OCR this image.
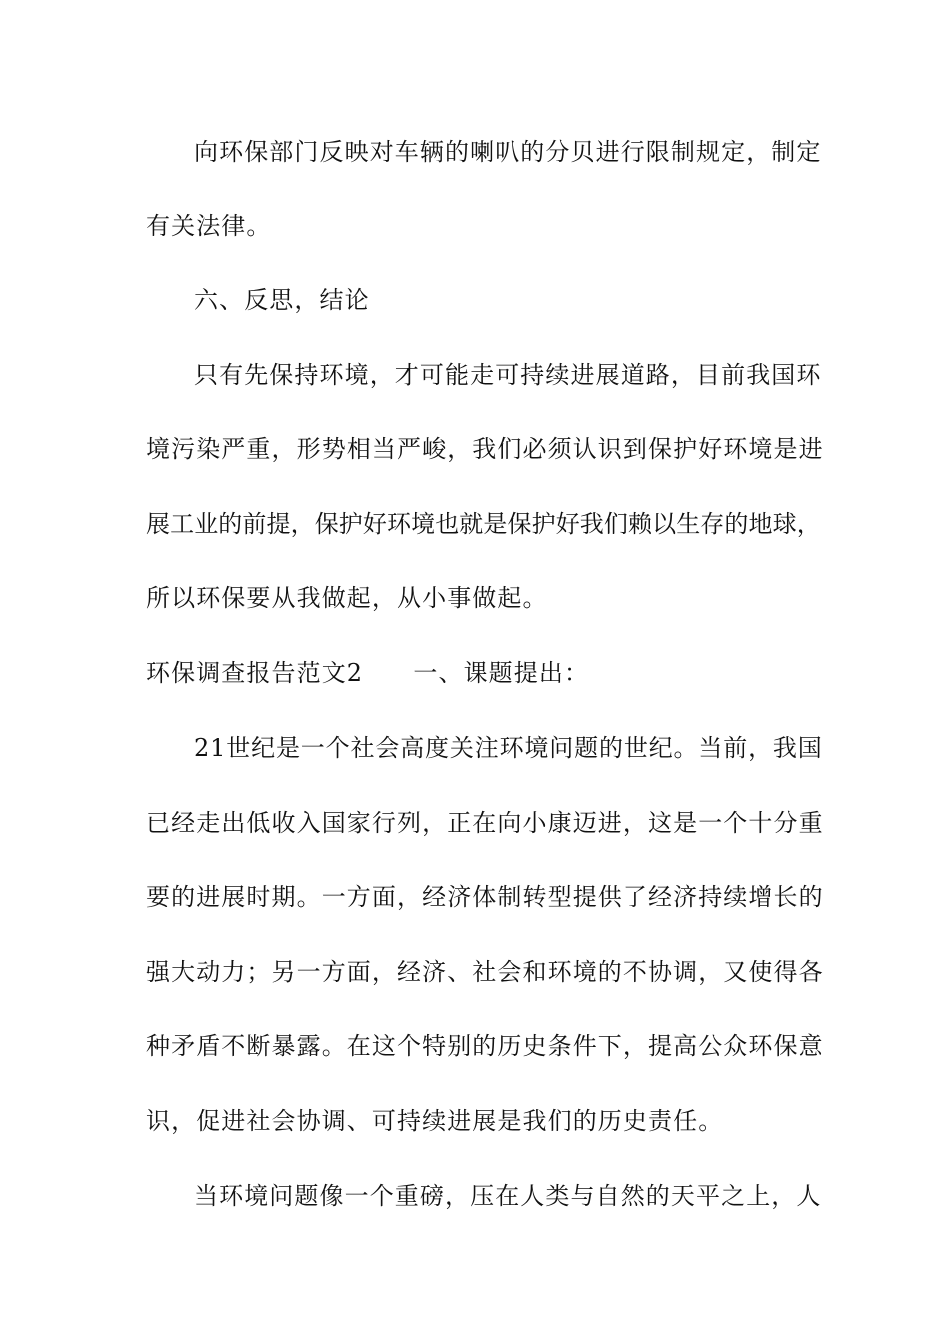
向环保部门反映对车辆的喇叭的分贝进行限制规定，制定
有关法律。
六、反思，结论
只有先保持环境，才可能走可持续进展道路，目前我国环
境污染严重，形势相当严峻，我们必须认识到保护好环境是进
展工业的前提，保护好环境也就是保护好我们赖以生存的地球，
所以环保要从我做起，从小事做起。
环保调查报告范文2　　一、课题提出：
21世纪是一个社会高度关注环境问题的世纪。当前，我国
已经走出低收入国家行列，正在向小康迈进，这是一个十分重
要的进展时期。一方面，经济体制转型提供了经济持续增长的
强大动力；另一方面，经济、社会和环境的不协调，又使得各
种矛盾不断暴露。在这个特别的历史条件下，提高公众环保意
识，促进社会协调、可持续进展是我们的历史责任。
当环境问题像一个重磅，压在人类与自然的天平之上，人
